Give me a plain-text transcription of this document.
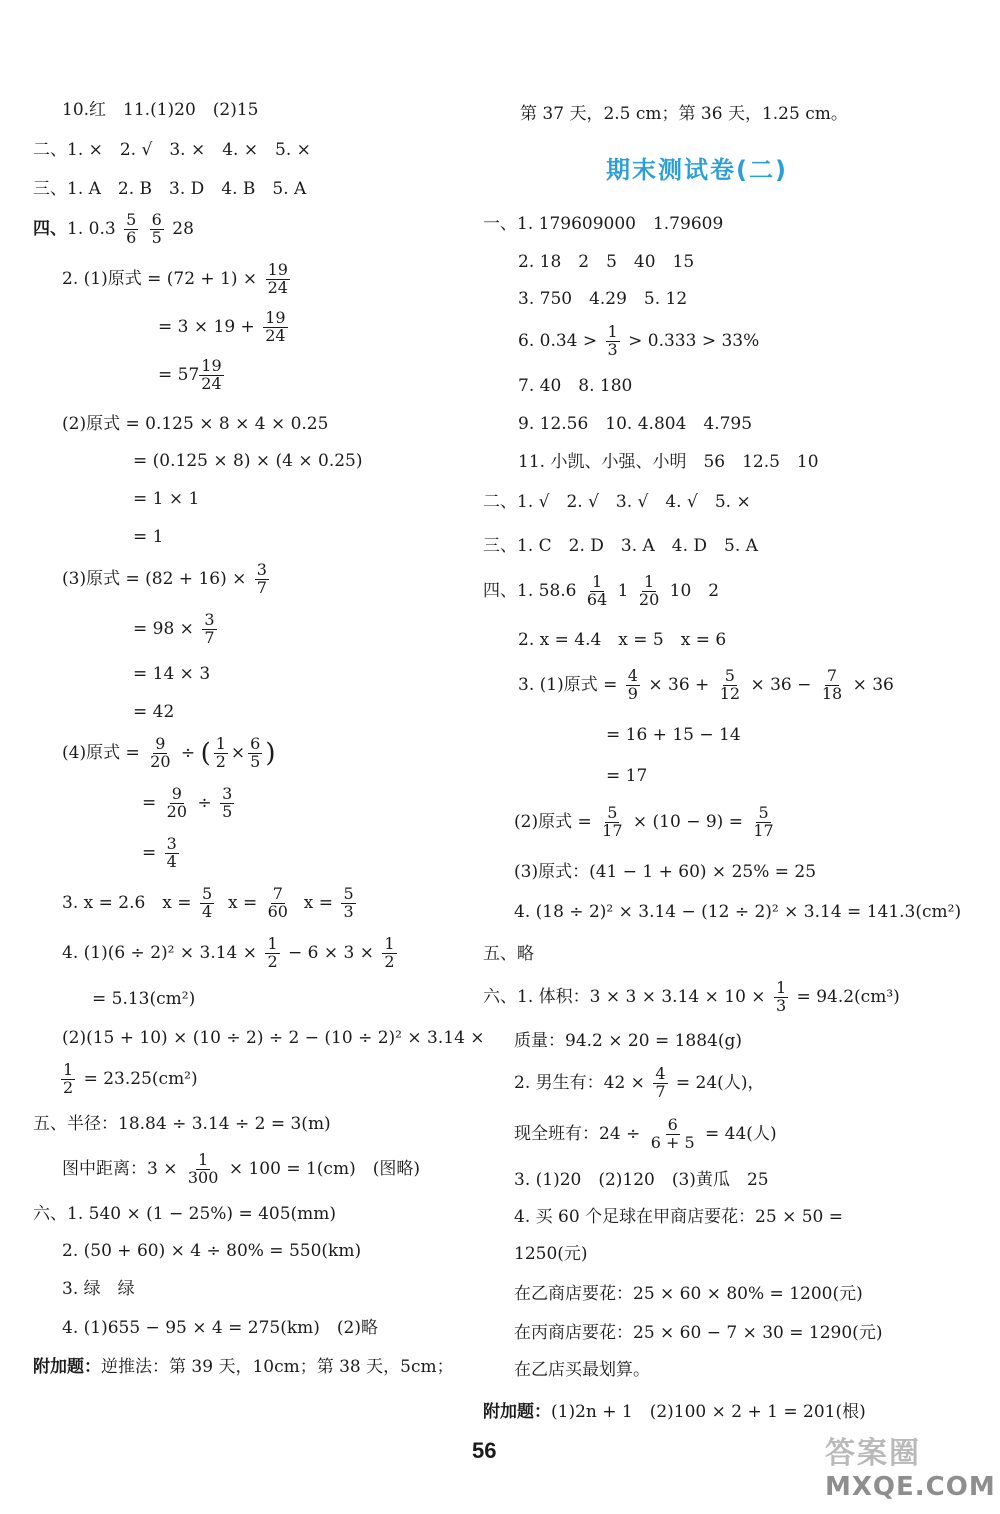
10.红　11.(1)20　(2)15
二、1. ×　2. √　3. ×　4. ×　5. ×
三、1. A　2. B　3. D　4. B　5. A
四、1. $0.3 \frac{5}{6}$
$\frac{6}{5} 28$
2. (1)原式 = $(72 + 1) \times \frac{19}{24}$
= $3 \times 19 + \frac{19}{24}$
= $57 \frac{19}{24}$
(2)原式 = 0.125 × 8 × 4 × 0.25
= (0.125 × 8) × (4 × 0.25)
= 1 × 1
= 1
(3)原式 = $(82 + 16) \times \frac{3}{7}$
= $98 \times \frac{3}{7}$
= 14 × 3
= 42
(4)原式 = $\frac{9}{20}$ ÷ ( $\frac{1}{2} \times \frac{6}{5}$ )
= $\frac{9}{20} \div \frac{3}{5}$
= $\frac{3}{4}$
3. x = 2.6　$x = \frac{5}{4}$ $x = \frac{7}{60}$ $x = \frac{5}{3}$
4. $(1)(6 \div 2)^2 \times 3.14 \times \frac{1}{2} - 6 \times 3 \times \frac{1}{2}$
= 5.13(cm²)
(2)(15 + 10) × (10 ÷ 2) ÷ 2 − (10 ÷ 2)² × 3.14 ×
$\frac{1}{2} = 23.25(cm^2)$
五、半径：18.84 ÷ 3.14 ÷ 2 = 3(m)
图中距离：$3 \times \frac{1}{300} \times 100 = 1(cm)$　(图略)
六、1. 540 × (1 − 25%) = 405(mm)
2. (50 + 60) × 4 ÷ 80% = 550(km)
3. 绿　绿
4. (1)655 − 95 × 4 = 275(km)　(2)略
附加题：逆推法：第 39 天，10cm；第 38 天，5cm；
第 37 天，2.5 cm；第 36 天，1.25 cm。
期末测试卷(二)
一、1. 179609000　1.79609
2. 18　2　5　40　15
3. 750　4.29　5. 12
6. $0.34 > \frac{1}{3} > 0.333 > 33\%$
7. 40　8. 180
9. 12.56　10. 4.804　4.795
11. 小凯、小强、小明　56　12.5　10
二、1. √　2. √　3. √　4. √　5. ×
三、1. C　2. D　3. A　4. D　5. A
四、1. $58.6 \frac{1}{64} 1 \frac{1}{20} 10$　2
2. x = 4.4　x = 5　x = 6
3. (1)原式 = $\frac{4}{9} \times 36 + \frac{5}{12} \times 36 - \frac{7}{18} \times 36$
= 16 + 15 − 14
= 17
(2)原式 = $\frac{5}{17} \times (10 - 9) = \frac{5}{17}$
(3)原式：(41 − 1 + 60) × 25% = 25
4. (18 ÷ 2)² × 3.14 − (12 ÷ 2)² × 3.14 = 141.3(cm²)
五、略
六、1. 体积：$3 \times 3 \times 3.14 \times 10 \times \frac{1}{3} = 94.2(cm^3)$
质量：94.2 × 20 = 1884(g)
2. 男生有：$42 \times \frac{4}{7} = 24$(人)，
现全班有：$24 \div \frac{6}{6 + 5} = 44$(人)
3. (1)20　(2)120　(3)黄瓜　25
4. 买 60 个足球在甲商店要花：25 × 50 =
1250(元)
在乙商店要花：25 × 60 × 80% = 1200(元)
在丙商店要花：25 × 60 − 7 × 30 = 1290(元)
在乙店买最划算。
附加题：(1)2n + 1　(2)100 × 2 + 1 = 201(根)
56	答案圈
MXQE.COM
